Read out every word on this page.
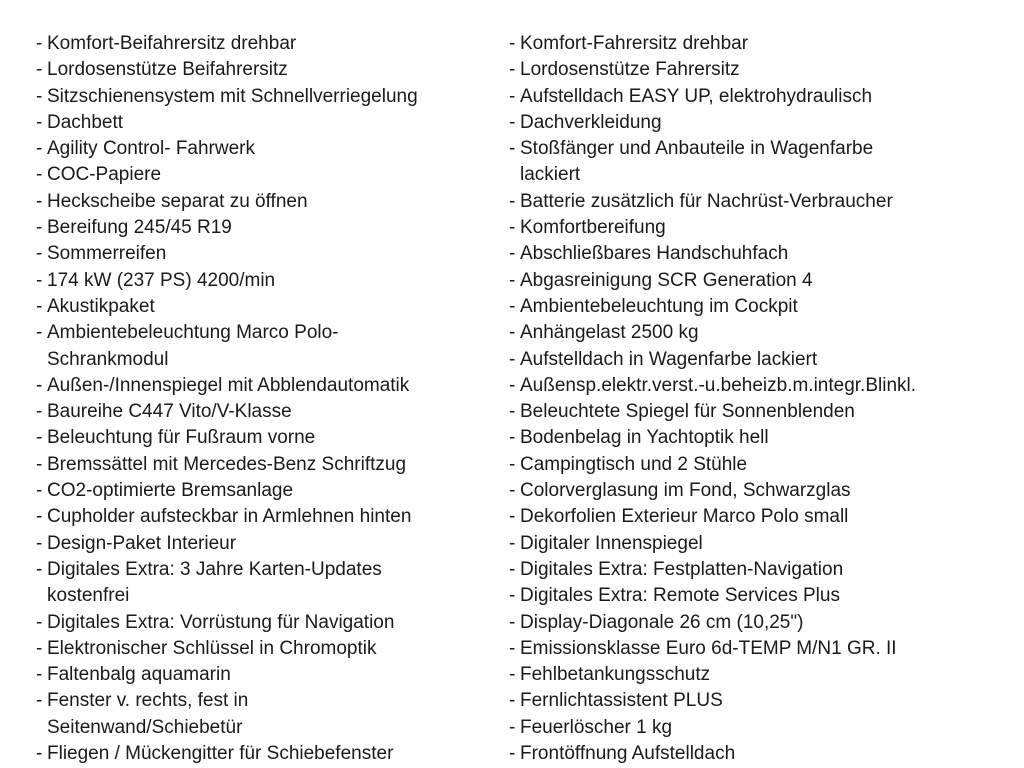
- Komfort-Beifahrersitz drehbar
- Lordosenstütze Beifahrersitz
- Sitzschienensystem mit Schnellverriegelung
- Dachbett
- Agility Control- Fahrwerk
- COC-Papiere
- Heckscheibe separat zu öffnen
- Bereifung 245/45 R19
- Sommerreifen
- 174 kW (237 PS) 4200/min
- Akustikpaket
- Ambientebeleuchtung Marco Polo-
Schrankmodul
- Außen-/Innenspiegel mit Abblendautomatik
- Baureihe C447 Vito/V-Klasse
- Beleuchtung für Fußraum vorne
- Bremssättel mit Mercedes-Benz Schriftzug
- CO2-optimierte Bremsanlage
- Cupholder aufsteckbar in Armlehnen hinten
- Design-Paket Interieur
- Digitales Extra: 3 Jahre Karten-Updates
kostenfrei
- Digitales Extra: Vorrüstung für Navigation
- Elektronischer Schlüssel in Chromoptik
- Faltenbalg aquamarin
- Fenster v. rechts, fest in
Seitenwand/Schiebetür
- Fliegen / Mückengitter für Schiebefenster
- Komfort-Fahrersitz drehbar
- Lordosenstütze Fahrersitz
- Aufstelldach EASY UP, elektrohydraulisch
- Dachverkleidung
- Stoßfänger und Anbauteile in Wagenfarbe
lackiert
- Batterie zusätzlich für Nachrüst-Verbraucher
- Komfortbereifung
- Abschließbares Handschuhfach
- Abgasreinigung SCR Generation 4
- Ambientebeleuchtung im Cockpit
- Anhängelast 2500 kg
- Aufstelldach in Wagenfarbe lackiert
- Außensp.elektr.verst.-u.beheizb.m.integr.Blinkl.
- Beleuchtete Spiegel für Sonnenblenden
- Bodenbelag in Yachtoptik hell
- Campingtisch und 2 Stühle
- Colorverglasung im Fond, Schwarzglas
- Dekorfolien Exterieur Marco Polo small
- Digitaler Innenspiegel
- Digitales Extra: Festplatten-Navigation
- Digitales Extra: Remote Services Plus
- Display-Diagonale 26 cm (10,25")
- Emissionsklasse Euro 6d-TEMP M/N1 GR. II
- Fehlbetankungsschutz
- Fernlichtassistent PLUS
- Feuerlöscher 1 kg
- Frontöffnung Aufstelldach
